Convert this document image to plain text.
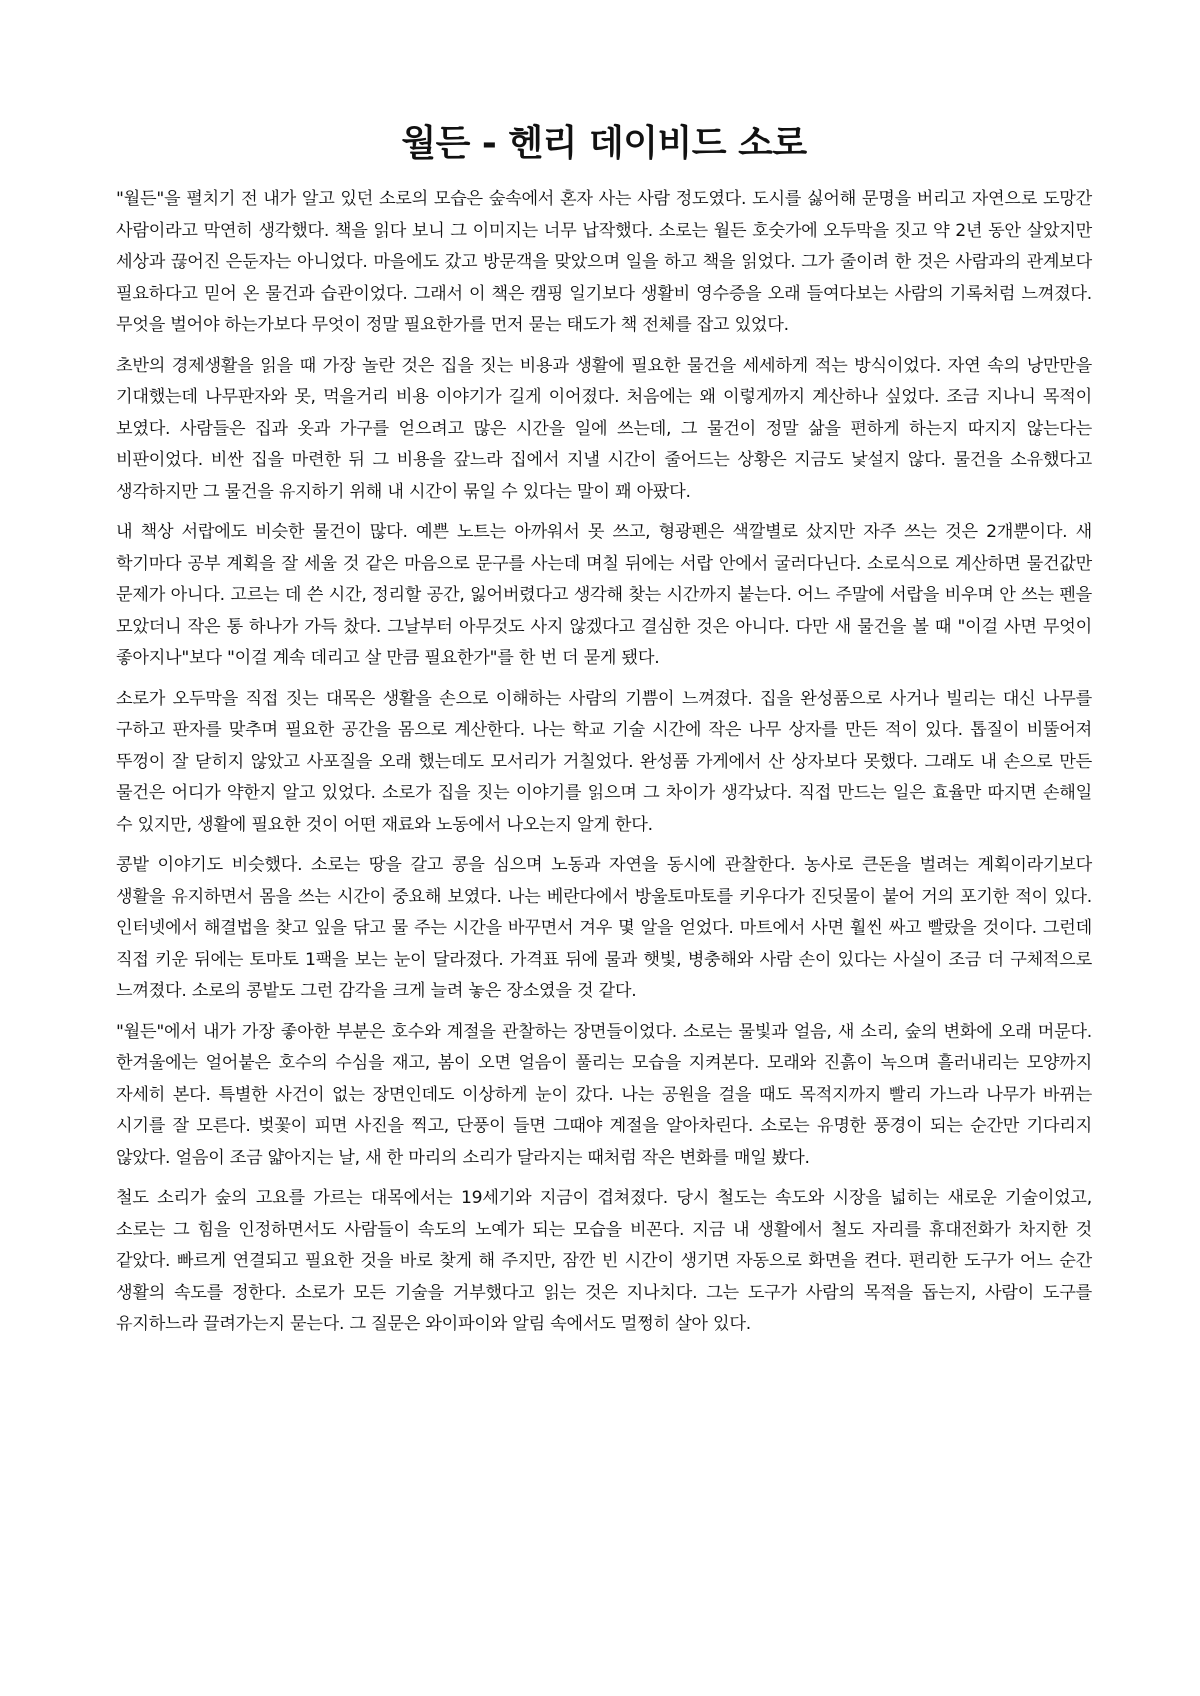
월든 - 헨리 데이비드 소로

"월든"을 펼치기 전 내가 알고 있던 소로의 모습은 숲속에서 혼자 사는 사람 정도였다. 도시를 싫어해 문명을 버리고 자연으로 도망간 사람이라고 막연히 생각했다. 책을 읽다 보니 그 이미지는 너무 납작했다. 소로는 월든 호숫가에 오두막을 짓고 약 2년 동안 살았지만 세상과 끊어진 은둔자는 아니었다. 마을에도 갔고 방문객을 맞았으며 일을 하고 책을 읽었다. 그가 줄이려 한 것은 사람과의 관계보다 필요하다고 믿어 온 물건과 습관이었다. 그래서 이 책은 캠핑 일기보다 생활비 영수증을 오래 들여다보는 사람의 기록처럼 느껴졌다. 무엇을 벌어야 하는가보다 무엇이 정말 필요한가를 먼저 묻는 태도가 책 전체를 잡고 있었다.

초반의 경제생활을 읽을 때 가장 놀란 것은 집을 짓는 비용과 생활에 필요한 물건을 세세하게 적는 방식이었다. 자연 속의 낭만만을 기대했는데 나무판자와 못, 먹을거리 비용 이야기가 길게 이어졌다. 처음에는 왜 이렇게까지 계산하나 싶었다. 조금 지나니 목적이 보였다. 사람들은 집과 옷과 가구를 얻으려고 많은 시간을 일에 쓰는데, 그 물건이 정말 삶을 편하게 하는지 따지지 않는다는 비판이었다. 비싼 집을 마련한 뒤 그 비용을 갚느라 집에서 지낼 시간이 줄어드는 상황은 지금도 낯설지 않다. 물건을 소유했다고 생각하지만 그 물건을 유지하기 위해 내 시간이 묶일 수 있다는 말이 꽤 아팠다.

내 책상 서랍에도 비슷한 물건이 많다. 예쁜 노트는 아까워서 못 쓰고, 형광펜은 색깔별로 샀지만 자주 쓰는 것은 2개뿐이다. 새 학기마다 공부 계획을 잘 세울 것 같은 마음으로 문구를 사는데 며칠 뒤에는 서랍 안에서 굴러다닌다. 소로식으로 계산하면 물건값만 문제가 아니다. 고르는 데 쓴 시간, 정리할 공간, 잃어버렸다고 생각해 찾는 시간까지 붙는다. 어느 주말에 서랍을 비우며 안 쓰는 펜을 모았더니 작은 통 하나가 가득 찼다. 그날부터 아무것도 사지 않겠다고 결심한 것은 아니다. 다만 새 물건을 볼 때 "이걸 사면 무엇이 좋아지나"보다 "이걸 계속 데리고 살 만큼 필요한가"를 한 번 더 묻게 됐다.

소로가 오두막을 직접 짓는 대목은 생활을 손으로 이해하는 사람의 기쁨이 느껴졌다. 집을 완성품으로 사거나 빌리는 대신 나무를 구하고 판자를 맞추며 필요한 공간을 몸으로 계산한다. 나는 학교 기술 시간에 작은 나무 상자를 만든 적이 있다. 톱질이 비뚤어져 뚜껑이 잘 닫히지 않았고 사포질을 오래 했는데도 모서리가 거칠었다. 완성품 가게에서 산 상자보다 못했다. 그래도 내 손으로 만든 물건은 어디가 약한지 알고 있었다. 소로가 집을 짓는 이야기를 읽으며 그 차이가 생각났다. 직접 만드는 일은 효율만 따지면 손해일 수 있지만, 생활에 필요한 것이 어떤 재료와 노동에서 나오는지 알게 한다.

콩밭 이야기도 비슷했다. 소로는 땅을 갈고 콩을 심으며 노동과 자연을 동시에 관찰한다. 농사로 큰돈을 벌려는 계획이라기보다 생활을 유지하면서 몸을 쓰는 시간이 중요해 보였다. 나는 베란다에서 방울토마토를 키우다가 진딧물이 붙어 거의 포기한 적이 있다. 인터넷에서 해결법을 찾고 잎을 닦고 물 주는 시간을 바꾸면서 겨우 몇 알을 얻었다. 마트에서 사면 훨씬 싸고 빨랐을 것이다. 그런데 직접 키운 뒤에는 토마토 1팩을 보는 눈이 달라졌다. 가격표 뒤에 물과 햇빛, 병충해와 사람 손이 있다는 사실이 조금 더 구체적으로 느껴졌다. 소로의 콩밭도 그런 감각을 크게 늘려 놓은 장소였을 것 같다.

"월든"에서 내가 가장 좋아한 부분은 호수와 계절을 관찰하는 장면들이었다. 소로는 물빛과 얼음, 새 소리, 숲의 변화에 오래 머문다. 한겨울에는 얼어붙은 호수의 수심을 재고, 봄이 오면 얼음이 풀리는 모습을 지켜본다. 모래와 진흙이 녹으며 흘러내리는 모양까지 자세히 본다. 특별한 사건이 없는 장면인데도 이상하게 눈이 갔다. 나는 공원을 걸을 때도 목적지까지 빨리 가느라 나무가 바뀌는 시기를 잘 모른다. 벚꽃이 피면 사진을 찍고, 단풍이 들면 그때야 계절을 알아차린다. 소로는 유명한 풍경이 되는 순간만 기다리지 않았다. 얼음이 조금 얇아지는 날, 새 한 마리의 소리가 달라지는 때처럼 작은 변화를 매일 봤다.

철도 소리가 숲의 고요를 가르는 대목에서는 19세기와 지금이 겹쳐졌다. 당시 철도는 속도와 시장을 넓히는 새로운 기술이었고, 소로는 그 힘을 인정하면서도 사람들이 속도의 노예가 되는 모습을 비꼰다. 지금 내 생활에서 철도 자리를 휴대전화가 차지한 것 같았다. 빠르게 연결되고 필요한 것을 바로 찾게 해 주지만, 잠깐 빈 시간이 생기면 자동으로 화면을 켠다. 편리한 도구가 어느 순간 생활의 속도를 정한다. 소로가 모든 기술을 거부했다고 읽는 것은 지나치다. 그는 도구가 사람의 목적을 돕는지, 사람이 도구를 유지하느라 끌려가는지 묻는다. 그 질문은 와이파이와 알림 속에서도 멀쩡히 살아 있다.
